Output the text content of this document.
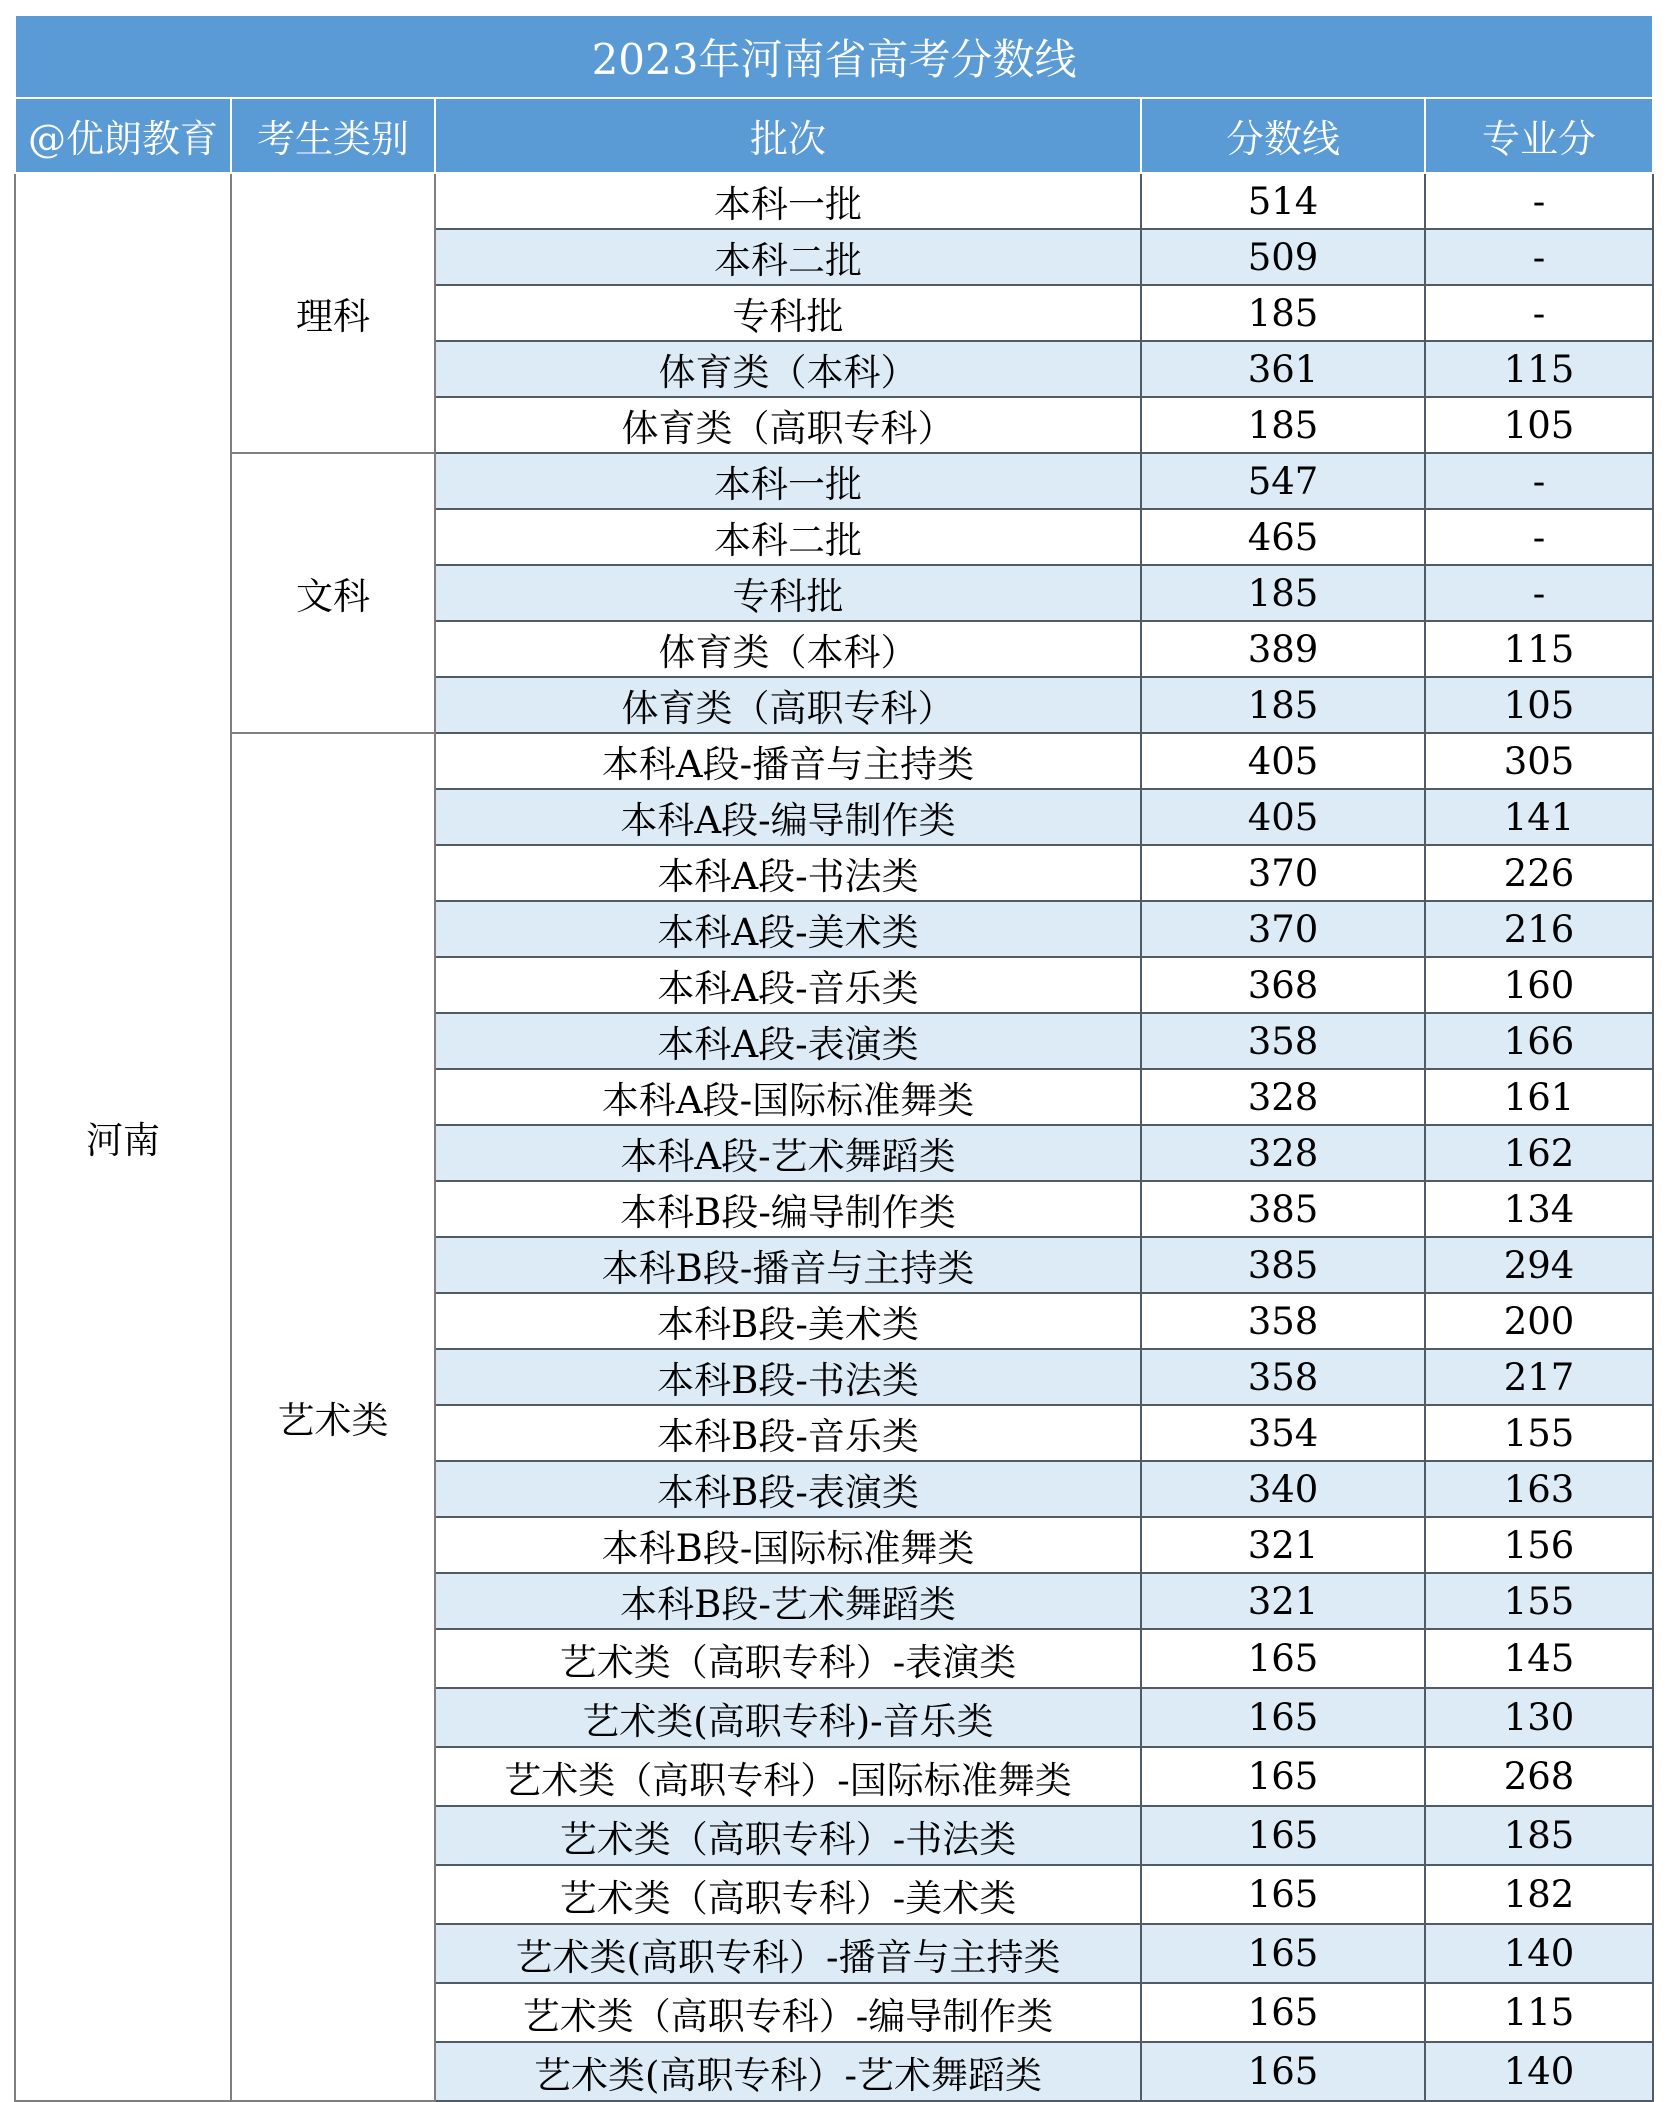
2023年河南省高考分数线				
@优朗教育	考生类别	批次	分数线	专业分
河南	理科	本科一批	514	-
		本科二批	509	-
		专科批	185	-
		体育类（本科）	361	115
		体育类（高职专科）	185	105
	文科	本科一批	547	-
		本科二批	465	-
		专科批	185	-
		体育类（本科）	389	115
		体育类（高职专科）	185	105
	艺术类	本科A段-播音与主持类	405	305
		本科A段-编导制作类	405	141
		本科A段-书法类	370	226
		本科A段-美术类	370	216
		本科A段-音乐类	368	160
		本科A段-表演类	358	166
		本科A段-国际标准舞类	328	161
		本科A段-艺术舞蹈类	328	162
		本科B段-编导制作类	385	134
		本科B段-播音与主持类	385	294
		本科B段-美术类	358	200
		本科B段-书法类	358	217
		本科B段-音乐类	354	155
		本科B段-表演类	340	163
		本科B段-国际标准舞类	321	156
		本科B段-艺术舞蹈类	321	155
		艺术类（高职专科）-表演类	165	145
		艺术类(高职专科)-音乐类	165	130
		艺术类（高职专科）-国际标准舞类	165	268
		艺术类（高职专科）-书法类	165	185
		艺术类（高职专科）-美术类	165	182
		艺术类(高职专科）-播音与主持类	165	140
		艺术类（高职专科）-编导制作类	165	115
		艺术类(高职专科）-艺术舞蹈类	165	140
